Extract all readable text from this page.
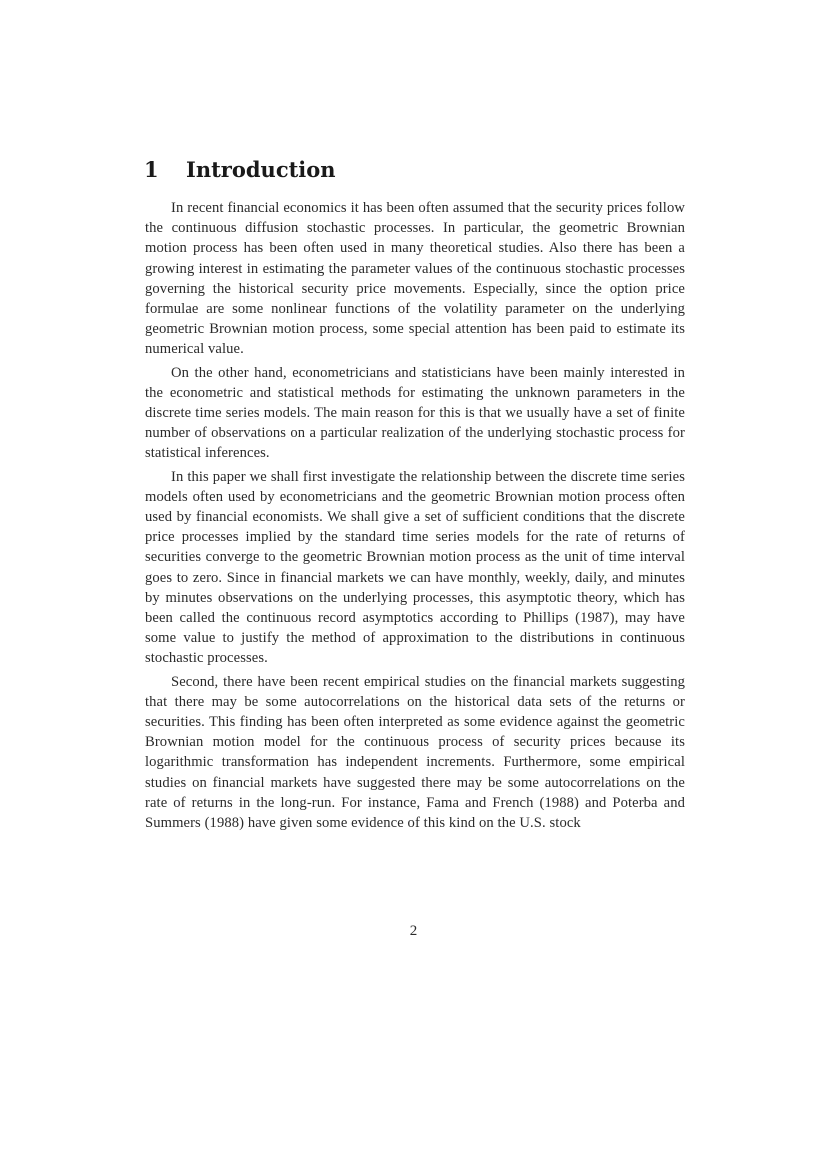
1 Introduction

In recent financial economics it has been often assumed that the security prices follow the continuous diffusion stochastic processes. In particular, the geometric Brownian motion process has been often used in many theoretical studies. Also there has been a growing interest in estimating the parameter values of the continuous stochastic processes governing the historical security price movements. Especially, since the option price formulae are some nonlinear functions of the volatility parameter on the underlying geometric Brownian motion process, some special attention has been paid to estimate its numerical value.

On the other hand, econometricians and statisticians have been mainly interested in the econometric and statistical methods for estimating the unknown parameters in the discrete time series models. The main reason for this is that we usually have a set of finite number of observations on a particular realization of the underlying stochastic process for statistical inferences.

In this paper we shall first investigate the relationship between the discrete time series models often used by econometricians and the geometric Brownian motion process often used by financial economists. We shall give a set of sufficient conditions that the discrete price processes implied by the standard time series models for the rate of returns of securities converge to the geometric Brownian motion process as the unit of time interval goes to zero. Since in financial markets we can have monthly, weekly, daily, and minutes by minutes observations on the underlying processes, this asymptotic theory, which has been called the continuous record asymptotics according to Phillips (1987), may have some value to justify the method of approximation to the distributions in continuous stochastic processes.

Second, there have been recent empirical studies on the financial markets suggesting that there may be some autocorrelations on the historical data sets of the returns or securities. This finding has been often interpreted as some evidence against the geometric Brownian motion model for the continuous process of security prices because its logarithmic transformation has independent increments. Furthermore, some empirical studies on financial markets have suggested there may be some autocorrelations on the rate of returns in the long-run. For instance, Fama and French (1988) and Poterba and Summers (1988) have given some evidence of this kind on the U.S. stock

2
